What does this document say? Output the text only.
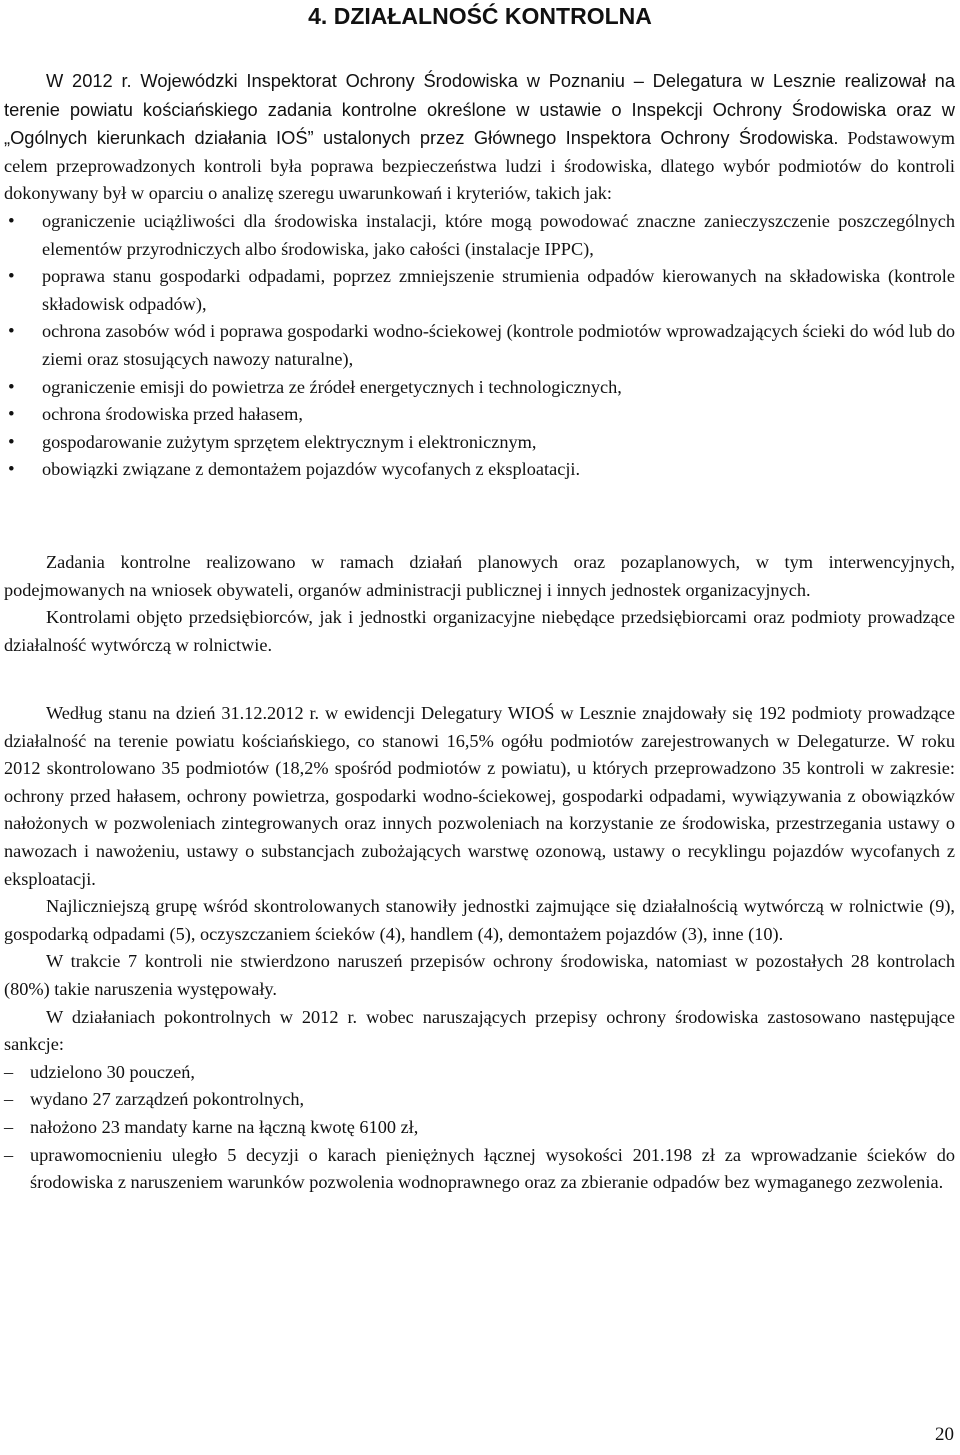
4. DZIAŁALNOŚĆ KONTROLNA

W 2012 r. Wojewódzki Inspektorat Ochrony Środowiska w Poznaniu – Delegatura w Lesznie realizował na terenie powiatu kościańskiego zadania kontrolne określone w ustawie o Inspekcji Ochrony Środowiska oraz w „Ogólnych kierunkach działania IOŚ” ustalonych przez Głównego Inspektora Ochrony Środowiska. Podstawowym celem przeprowadzonych kontroli była poprawa bezpieczeństwa ludzi i środowiska, dlatego wybór podmiotów do kontroli dokonywany był w oparciu o analizę szeregu uwarunkowań i kryteriów, takich jak:

• ograniczenie uciążliwości dla środowiska instalacji, które mogą powodować znaczne zanieczyszczenie poszczególnych elementów przyrodniczych albo środowiska, jako całości (instalacje IPPC),
• poprawa stanu gospodarki odpadami, poprzez zmniejszenie strumienia odpadów kierowanych na składowiska (kontrole składowisk odpadów),
• ochrona zasobów wód i poprawa gospodarki wodno-ściekowej (kontrole podmiotów wprowadzających ścieki do wód lub do ziemi oraz stosujących nawozy naturalne),
• ograniczenie emisji do powietrza ze źródeł energetycznych i technologicznych,
• ochrona środowiska przed hałasem,
• gospodarowanie zużytym sprzętem elektrycznym i elektronicznym,
• obowiązki związane z demontażem pojazdów wycofanych z eksploatacji.

Zadania kontrolne realizowano w ramach działań planowych oraz pozaplanowych, w tym interwencyjnych, podejmowanych na wniosek obywateli, organów administracji publicznej i innych jednostek organizacyjnych.

Kontrolami objęto przedsiębiorców, jak i jednostki organizacyjne niebędące przedsiębiorcami oraz podmioty prowadzące działalność wytwórczą w rolnictwie.

Według stanu na dzień 31.12.2012 r. w ewidencji Delegatury WIOŚ w Lesznie znajdowały się 192 podmioty prowadzące działalność na terenie powiatu kościańskiego, co stanowi 16,5% ogółu podmiotów zarejestrowanych w Delegaturze. W roku 2012 skontrolowano 35 podmiotów (18,2% spośród podmiotów z powiatu), u których przeprowadzono 35 kontroli w zakresie: ochrony przed hałasem, ochrony powietrza, gospodarki wodno-ściekowej, gospodarki odpadami, wywiązywania z obowiązków nałożonych w pozwoleniach zintegrowanych oraz innych pozwoleniach na korzystanie ze środowiska, przestrzegania ustawy o nawozach i nawożeniu, ustawy o substancjach zubożających warstwę ozonową, ustawy o recyklingu pojazdów wycofanych z eksploatacji.

Najliczniejszą grupę wśród skontrolowanych stanowiły jednostki zajmujące się działalnością wytwórczą w rolnictwie (9), gospodarką odpadami (5), oczyszczaniem ścieków (4), handlem (4), demontażem pojazdów (3), inne (10).

W trakcie 7 kontroli nie stwierdzono naruszeń przepisów ochrony środowiska, natomiast w pozostałych 28 kontrolach (80%) takie naruszenia występowały.

W działaniach pokontrolnych w 2012 r. wobec naruszających przepisy ochrony środowiska zastosowano następujące sankcje:

– udzielono 30 pouczeń,
– wydano 27 zarządzeń pokontrolnych,
– nałożono 23 mandaty karne na łączną kwotę 6100 zł,
– uprawomocnieniu uległo 5 decyzji o karach pieniężnych łącznej wysokości 201.198 zł za wprowadzanie ścieków do środowiska z naruszeniem warunków pozwolenia wodnoprawnego oraz za zbieranie odpadów bez wymaganego zezwolenia.
20
